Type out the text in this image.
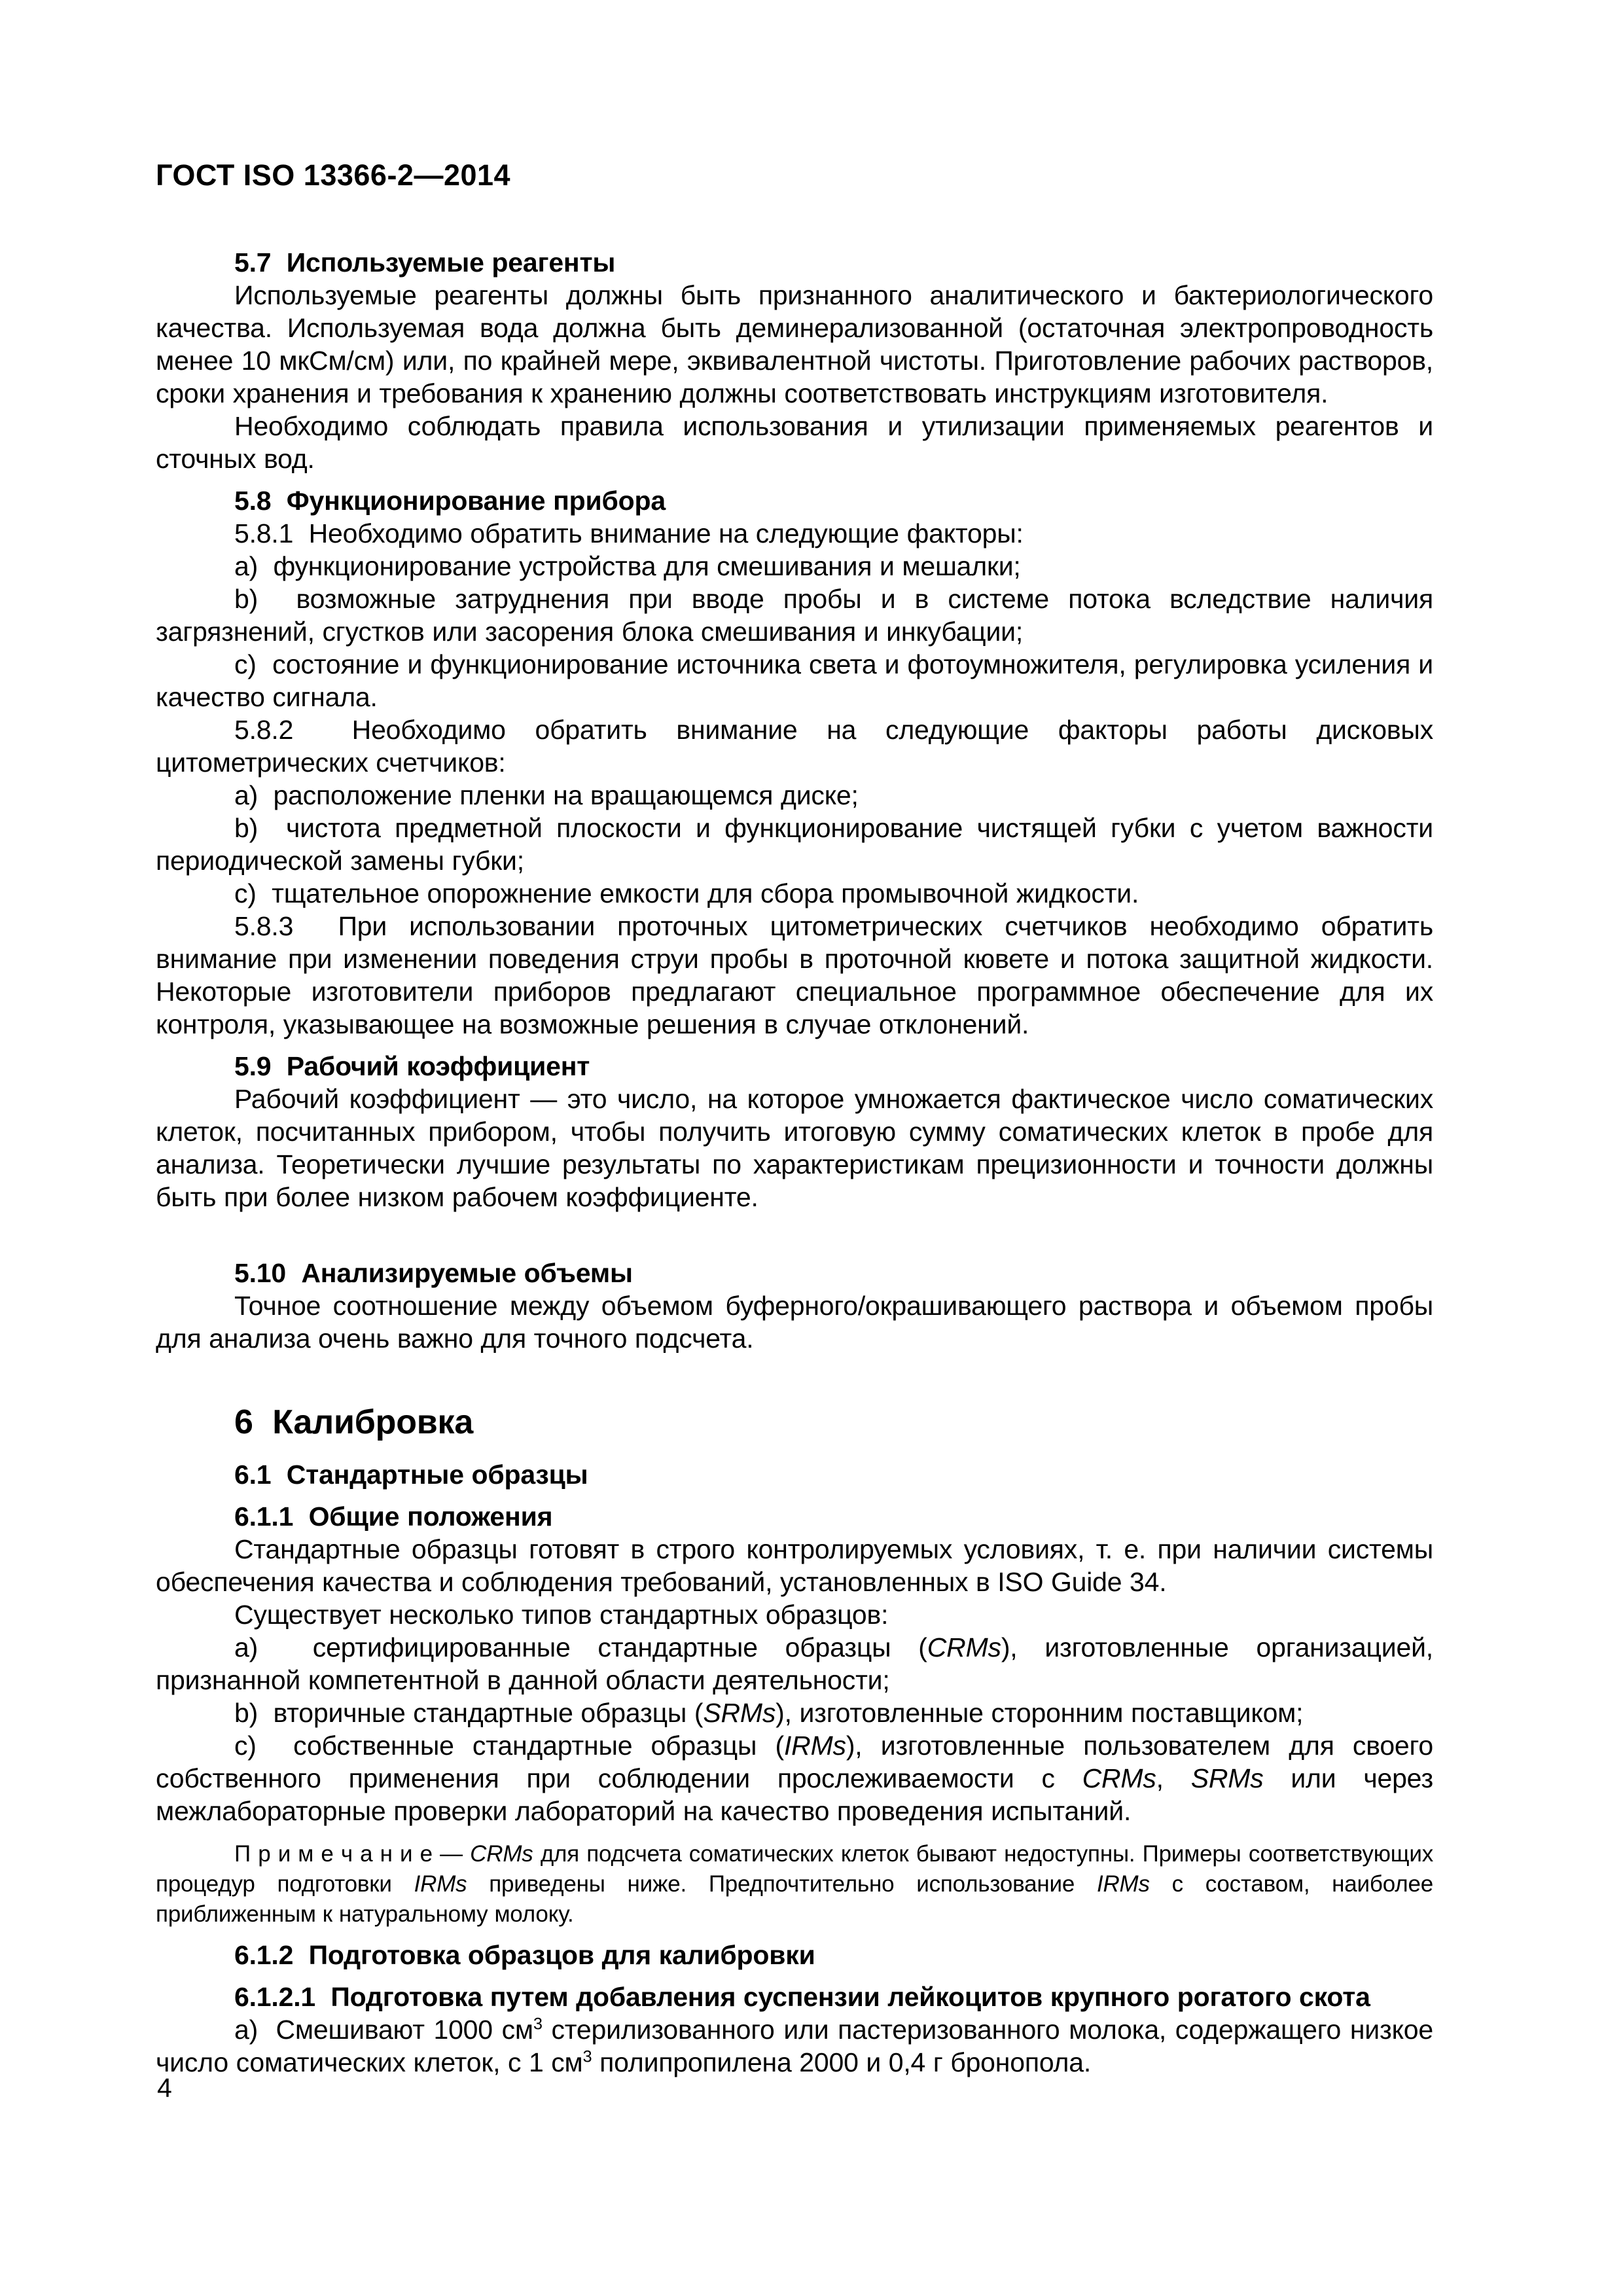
ГОСТ ISO 13366-2—2014

5.7  Используемые реагенты

Используемые реагенты должны быть признанного аналитического и бактериологического качества. Используемая вода должна быть деминерализованной (остаточная электропроводность менее 10 мкСм/см) или, по крайней мере, эквивалентной чистоты. Приготовление рабочих растворов, сроки хранения и требования к хранению должны соответствовать инструкциям изготовителя.

Необходимо соблюдать правила использования и утилизации применяемых реагентов и сточных вод.

5.8  Функционирование прибора

5.8.1  Необходимо обратить внимание на следующие факторы:

a)  функционирование устройства для смешивания и мешалки;

b)  возможные затруднения при вводе пробы и в системе потока вследствие наличия загрязнений, сгустков или засорения блока смешивания и инкубации;

c)  состояние и функционирование источника света и фотоумножителя, регулировка усиления и качество сигнала.

5.8.2  Необходимо обратить внимание на следующие факторы работы дисковых цитометрических счетчиков:

a)  расположение пленки на вращающемся диске;

b)  чистота предметной плоскости и функционирование чистящей губки с учетом важности периодической замены губки;

c)  тщательное опорожнение емкости для сбора промывочной жидкости.

5.8.3  При использовании проточных цитометрических счетчиков необходимо обратить внимание при изменении поведения струи пробы в проточной кювете и потока защитной жидкости. Некоторые изготовители приборов предлагают специальное программное обеспечение для их контроля, указывающее на возможные решения в случае отклонений.

5.9  Рабочий коэффициент

Рабочий коэффициент — это число, на которое умножается фактическое число соматических клеток, посчитанных прибором, чтобы получить итоговую сумму соматических клеток в пробе для анализа. Теоретически лучшие результаты по характеристикам прецизионности и точности должны быть при более низком рабочем коэффициенте.

5.10  Анализируемые объемы

Точное соотношение между объемом буферного/окрашивающего раствора и объемом пробы для анализа очень важно для точного подсчета.

6  Калибровка

6.1  Стандартные образцы

6.1.1  Общие положения

Стандартные образцы готовят в строго контролируемых условиях, т. е. при наличии системы обеспечения качества и соблюдения требований, установленных в ISO Guide 34.

Существует несколько типов стандартных образцов:

a)  сертифицированные стандартные образцы (CRMs), изготовленные организацией, признанной компетентной в данной области деятельности;

b)  вторичные стандартные образцы (SRMs), изготовленные сторонним поставщиком;

c)  собственные стандартные образцы (IRMs), изготовленные пользователем для своего собственного применения при соблюдении прослеживаемости с CRMs, SRMs или через межлабораторные проверки лабораторий на качество проведения испытаний.

П р и м е ч а н и е — CRMs для подсчета соматических клеток бывают недоступны. Примеры соответствующих процедур подготовки IRMs приведены ниже. Предпочтительно использование IRMs с составом, наиболее приближенным к натуральному молоку.

6.1.2  Подготовка образцов для калибровки

6.1.2.1  Подготовка путем добавления суспензии лейкоцитов крупного рогатого скота

a)  Смешивают 1000 $см^3$ стерилизованного или пастеризованного молока, содержащего низкое число соматических клеток, с 1 $см^3$ полипропилена 2000 и 0,4 г бронопола.

4
